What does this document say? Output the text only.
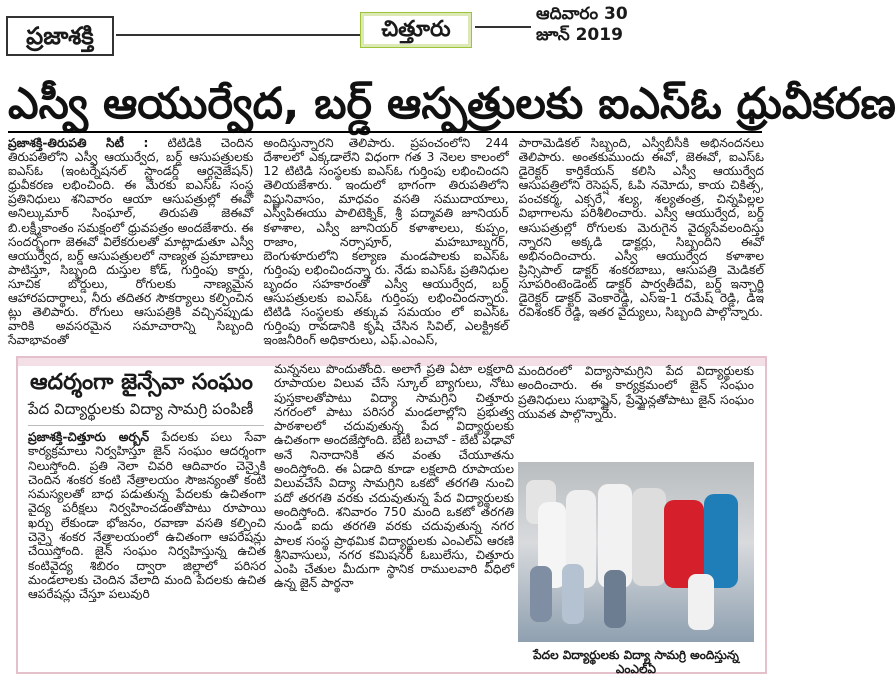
ప్రజాశక్తి	చిత్తూరు
ఆదివారం 30
జూన్ 2019
ఎస్వీ ఆయుర్వేద, బర్డ్ ఆస్పత్రులకు ఐఎస్ఓ ధ్రువీకరణ

ప్రజాశక్తి-తిరుపతి సిటీ : టిటిడికి చెందిన తిరుపతిలోని ఎస్వీ ఆయుర్వేద, బర్డ్ ఆసుపత్రులకు ఐఎస్ఓ (ఇంటర్నేషనల్ స్టాండర్డ్ ఆర్గనైజేషన్) ధ్రువీకరణ లభించింది. ఈ మేరకు ఐఎస్ఓ సంస్థ ప్రతినిధులు శనివారం ఆయా ఆసుపత్రుల్లో ఈవో అనిల్కుమార్ సింఘాల్, తిరుపతి జెఈవో బి.లక్ష్మీకాంతం సమక్షంలో ధ్రువపత్రం అందజేశారు. ఈ సందర్భంగా జెఈవో విలేకరులతో మాట్లాడుతూ ఎస్వీ ఆయుర్వేద, బర్డ్ ఆసుపత్రులలో నాణ్యత ప్రమాణాలు పాటిస్తూ, సిబ్బంది దుస్తుల కోడ్, గుర్తింపు కార్డు, సూచిక బోర్డులు, రోగులకు నాణ్యమైన ఆహారపదార్థాలు, నీరు తదితర సౌకర్యాలు కల్పించిన ట్లు తెలిపారు. రోగులు ఆసుపత్రికి వచ్చినప్పుడు వారికి అవసరమైన సమాచారాన్ని సిబ్బంది సేవాభావంతో

అందిస్తున్నారని తెలిపారు. ప్రపంచంలోని 244 దేశాలలో ఎక్కడాలేని విధంగా గత 3 నెలల కాలంలో 12 టిటిడి సంస్థలకు ఐఎస్ఓ గుర్తింపు లభించిందని తెలియజేశారు. ఇందులో భాగంగా తిరుపతిలోని విష్ణునివాసం, మాధవం వసతి సముదాయాలు, ఎస్వీపిఈయు పాలిటెక్నిక్, శ్రీ పద్మావతి జూనియర్ కళాశాల, ఎస్వీ జూనియర్ కళాశాలలు, కుప్పం, రాజాం, నర్సాపూర్, మహబూబ్నగర్, బెంగుళూరులోని కల్యాణ మండపాలకు ఐఎస్ఓ గుర్తింపు లభించిందన్నా రు. నేడు ఐఎస్ఓ ప్రతినిధుల బృందం సహకారంతో ఎస్వీ ఆయుర్వేద, బర్డ్ ఆసుపత్రులకు ఐఎస్ఓ గుర్తింపు లభించిందన్నారు. టిటిడి సంస్థలకు తక్కువ సమయం లో ఐఎస్ఓ గుర్తింపు రావడానికి కృషి చేసిన సివిల్, ఎలక్ట్రికల్ ఇంజనీరింగ్ అధికారులు, ఎఫ్.ఎంఎస్,

పారామెడికల్ సిబ్బంది, ఎస్వీబీసీకి అభినందనలు తెలిపారు. అంతకుముందు ఈవో, జెఈవో, ఐఎస్ఓ డైరెక్టర్ కార్తికేయన్ కలిసి ఎస్వీ ఆయుర్వేద ఆసుపత్రిలోని రెసెప్షన్, ఓపి నమోదు, కాయ చికిత్స, పంచకర్మ, ఎక్సరే, శల్య, శల్యతంత్ర, చిన్నపిల్లల విభాగాలను పరిశీలించారు. ఎస్వీ ఆయుర్వేద, బర్డ్ ఆసుపత్రుల్లో రోగులకు మెరుగైన వైద్యసేవలందిస్తు న్నారని అక్కడి డాక్టర్లు, సిబ్బందిని ఈవో అభినందించారు. ఎస్వీ ఆయుర్వేద కళాశాల ప్రిన్సిపాల్ డాక్టర్ శంకరబాబు, ఆసుపత్రి మెడికల్ సూపరింటెండెంట్ డాక్టర్ పార్వతీదేవి, బర్డ్ ఇన్చార్జి డైరెక్టర్ డాక్టర్ వెంకారెడ్డి, ఎస్ఇ-1 రమేష్ రెడ్డి, డిఇ రవిశంకర్ రెడ్డి, ఇతర వైద్యులు, సిబ్బంది పాల్గొన్నారు.

ఆదర్శంగా జైన్సేవా సంఘం
పేద విద్యార్థులకు విద్యా సామగ్రి పంపిణీ
ప్రజాశక్తి-చిత్తూరు అర్బన్ పేదలకు పలు సేవా కార్యక్రమాలు నిర్వహిస్తూ జైన్ సంఘం ఆదర్శంగా నిలుస్తోంది. ప్రతి నెలా చివరి ఆదివారం చెన్నైకి చెందిన శంకర కంటి నేత్రాలయం సౌజన్యంతో కంటి సమస్యలతో బాధ పడుతున్న పేదలకు ఉచితంగా వైద్య పరీక్షలు నిర్వహించడంతోపాటు రూపాయి ఖర్చు లేకుండా భోజనం, రవాణా వసతి కల్పించి చెన్నై శంకర నేత్రాలయంలో ఉచితంగా ఆపరేషన్లు చేయిస్తోంది. జైన్ సంఘం నిర్వహిస్తున్న ఉచిత కంటివైద్య శిబిరం ద్వారా జిల్లాలో పరిసర మండలాలకు చెందిన వేలాది మంది పేదలకు ఉచిత ఆపరేషన్లు చేస్తూ పలువురి
మన్ననలు పొందుతోంది. అలాగే ప్రతి ఏటా లక్షలాది రూపాయల విలువ చేసే స్కూల్ బ్యాగులు, నోటు పుస్తకాలతోపాటు విద్యా సామగ్రిని చిత్తూరు నగరంలో పాటు పరిసర మండలాల్లోని ప్రభుత్వ పాఠశాలలో చదువుతున్న పేద విద్యార్థులకు ఉచితంగా అందజేస్తోంది. బేటీ బచావో - బేటీ పఢావో అనే నినాదానికి తన వంతు చేయూతను అందిస్తోంది. ఈ ఏడాది కూడా లక్షలాది రూపాయల విలువచేసే విద్యా సామగ్రిని ఒకటో తరగతి నుంచి పదో తరగతి వరకు చదువుతున్న పేద విద్యార్థులకు అందిస్తోంది. శనివారం 750 మంది ఒకటో తరగతి నుండి ఐదు తరగతి వరకు చదువుతున్న నగర పాలక సంస్థ ప్రాథమిక విద్యార్థులకు ఎంఎల్ఏ ఆరణి శ్రీనివాసులు, నగర కమిషనర్ ఓబులేసు, చిత్తూరు ఎంపి చేతుల మీదుగా స్థానిక రాములవారి వీధిలో ఉన్న జైన్ పార్థనా
మందిరంలో విద్యాసామగ్రిని పేద విద్యార్థులకు అందించారు. ఈ కార్యక్రమంలో జైన్ సంఘం ప్రతినిధులు సుభాష్జైన్, ప్రేమ్జైన్లతోపాటు జైన్ సంఘం యువత పాల్గొన్నారు.
పేదల విద్యార్థులకు విద్యా సామగ్రి అందిస్తున్న ఎంఎల్ఏ
